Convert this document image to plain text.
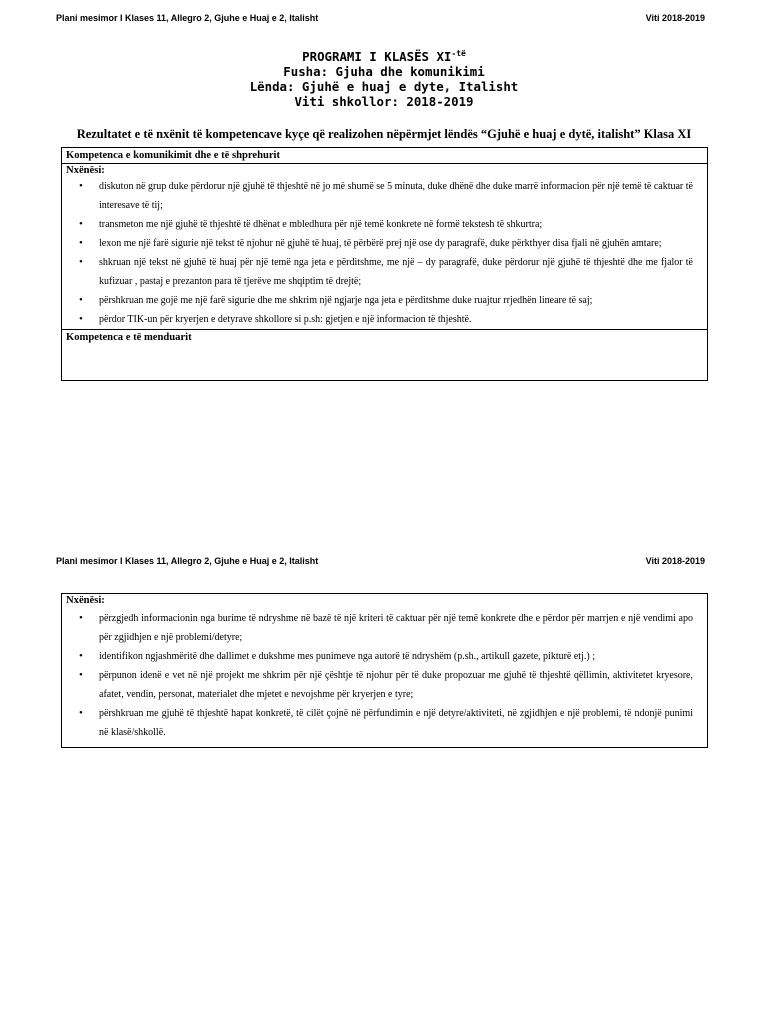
Plani mesimor I Klases 11, Allegro 2, Gjuhe e Huaj e 2, Italisht	Viti 2018-2019
PROGRAMI I KLASËS $XI^{-të}$
Fusha: Gjuha dhe komunikimi
Lënda: Gjuhë e huaj e dyte, Italisht
Viti shkollor: 2018-2019
Rezultatet e të nxënit të kompetencave kyçe që realizohen nëpërmjet lëndës “Gjuhë e huaj e dytë, italisht” Klasa XI
Kompetenca e komunikimit dhe e të shprehurit
Nxënësi:
• diskuton në grup duke përdorur një gjuhë të thjeshtë në jo më shumë se 5 minuta, duke dhënë dhe duke marrë informacion për një temë të caktuar të interesave të tij;
• transmeton me një gjuhë të thjeshtë të dhënat e mbledhura për një temë konkrete në formë tekstesh të shkurtra;
• lexon me një farë sigurie një tekst të njohur në gjuhë të huaj, të përbërë prej një ose dy paragrafë, duke përkthyer disa fjali në gjuhën amtare;
• shkruan një tekst në gjuhë të huaj për një temë nga jeta e përditshme, me një – dy paragrafë, duke përdorur një gjuhë të thjeshtë dhe me fjalor të kufizuar , pastaj e prezanton para të tjerëve me shqiptim të drejtë;
• përshkruan me gojë me një farë sigurie dhe me shkrim një ngjarje nga jeta e përditshme duke ruajtur rrjedhën lineare të saj;
• përdor TIK-un për kryerjen e detyrave shkollore si p.sh: gjetjen e një informacion të thjeshtë.
Kompetenca e të menduarit
Plani mesimor I Klases 11, Allegro 2, Gjuhe e Huaj e 2, Italisht	Viti 2018-2019
Nxënësi:
• përzgjedh informacionin nga burime të ndryshme në bazë të një kriteri të caktuar për një temë konkrete dhe e përdor për marrjen e një vendimi apo për zgjidhjen e një problemi/detyre;
• identifikon ngjashmëritë dhe dallimet e dukshme mes punimeve nga autorë të ndryshëm (p.sh., artikull gazete, pikturë etj.) ;
• përpunon idenë e vet në një projekt me shkrim për një çështje të njohur për të duke propozuar me gjuhë të thjeshtë qëllimin, aktivitetet kryesore, afatet, vendin, personat, materialet dhe mjetet e nevojshme për kryerjen e tyre;
• përshkruan me gjuhë të thjeshtë hapat konkretë, të cilët çojnë në përfundimin e një detyre/aktiviteti, në zgjidhjen e një problemi, të ndonjë punimi në klasë/shkollë.
